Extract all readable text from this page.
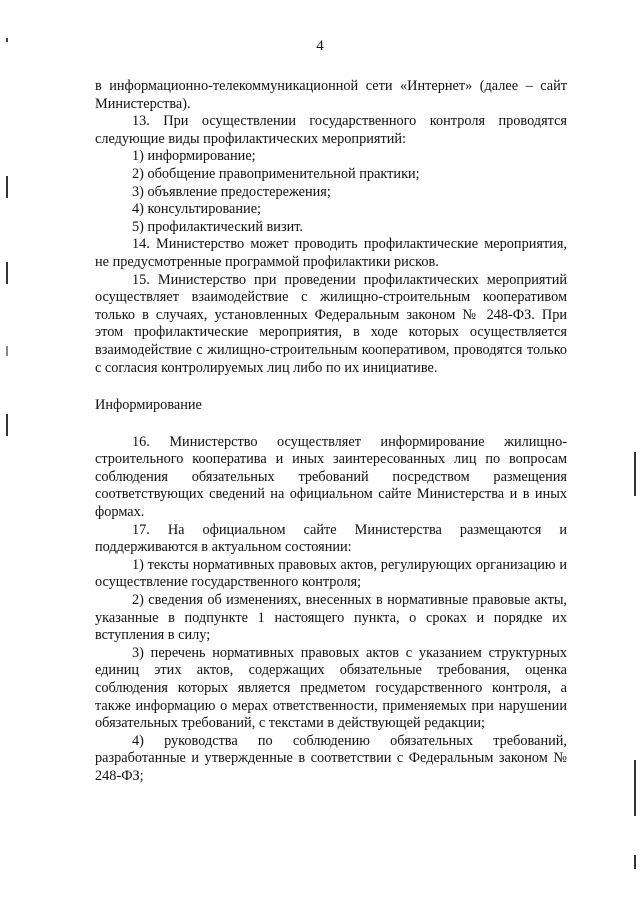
4

в информационно-телекоммуникационной сети «Интернет» (далее – сайт Министерства).

13. При осуществлении государственного контроля проводятся следующие виды профилактических мероприятий:

1) информирование;

2) обобщение правоприменительной практики;

3) объявление предостережения;

4) консультирование;

5) профилактический визит.

14. Министерство может проводить профилактические мероприятия, не предусмотренные программой профилактики рисков.

15. Министерство при проведении профилактических мероприятий осуществляет взаимодействие с жилищно-строительным кооперативом только в случаях, установленных Федеральным законом № 248-ФЗ. При этом профилактические мероприятия, в ходе которых осуществляется взаимодействие с жилищно-строительным кооперативом, проводятся только с согласия контролируемых лиц либо по их инициативе.

Информирование

16. Министерство осуществляет информирование жилищно-строительного кооператива и иных заинтересованных лиц по вопросам соблюдения обязательных требований посредством размещения соответствующих сведений на официальном сайте Министерства и в иных формах.

17. На официальном сайте Министерства размещаются и поддерживаются в актуальном состоянии:

1) тексты нормативных правовых актов, регулирующих организацию и осуществление государственного контроля;

2) сведения об изменениях, внесенных в нормативные правовые акты, указанные в подпункте 1 настоящего пункта, о сроках и порядке их вступления в силу;

3) перечень нормативных правовых актов с указанием структурных единиц этих актов, содержащих обязательные требования, оценка соблюдения которых является предметом государственного контроля, а также информацию о мерах ответственности, применяемых при нарушении обязательных требований, с текстами в действующей редакции;

4) руководства по соблюдению обязательных требований, разработанные и утвержденные в соответствии с Федеральным законом № 248-ФЗ;
